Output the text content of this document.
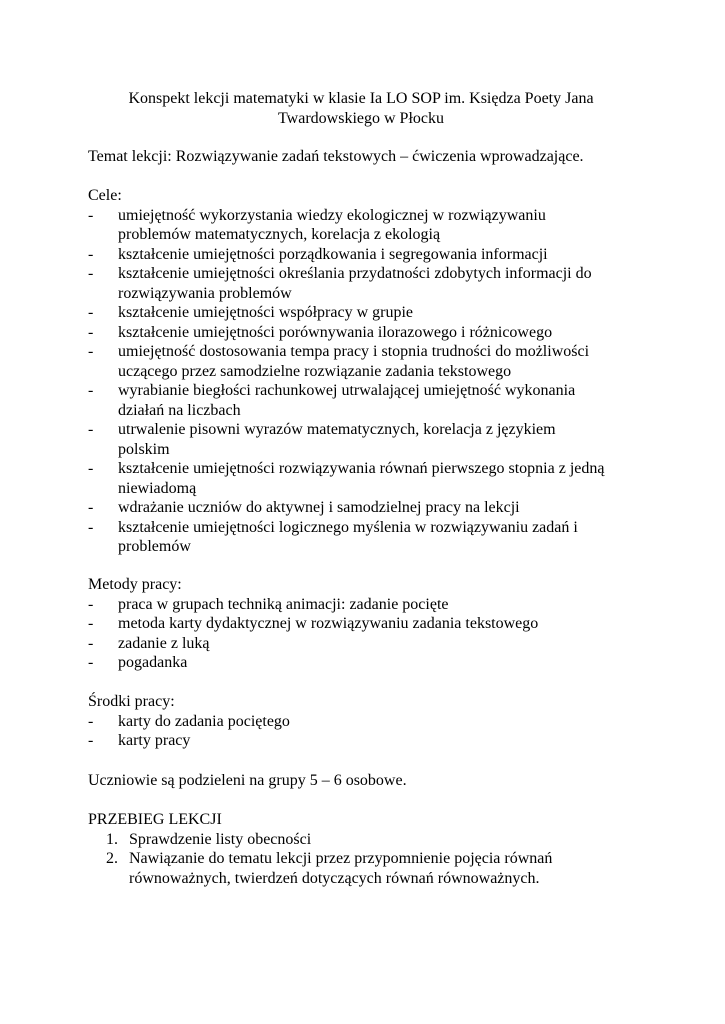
Konspekt lekcji matematyki w klasie Ia LO SOP im. Księdza Poety Jana
Twardowskiego w Płocku

Temat lekcji: Rozwiązywanie zadań tekstowych – ćwiczenia wprowadzające.

Cele:

-	umiejętność wykorzystania wiedzy ekologicznej w rozwiązywaniu
problemów matematycznych, korelacja z ekologią
-	kształcenie umiejętności porządkowania i segregowania informacji
-	kształcenie umiejętności określania przydatności zdobytych informacji do
rozwiązywania problemów
-	kształcenie umiejętności współpracy w grupie
-	kształcenie umiejętności porównywania ilorazowego i różnicowego
-	umiejętność dostosowania tempa pracy i stopnia trudności do możliwości
uczącego przez samodzielne rozwiązanie zadania tekstowego
-	wyrabianie biegłości rachunkowej utrwalającej umiejętność wykonania
działań na liczbach
-	utrwalenie pisowni wyrazów matematycznych, korelacja z językiem
polskim
-	kształcenie umiejętności rozwiązywania równań pierwszego stopnia z jedną
niewiadomą
-	wdrażanie uczniów do aktywnej i samodzielnej pracy na lekcji
-	kształcenie umiejętności logicznego myślenia w rozwiązywaniu zadań i
problemów

Metody pracy:

-	praca w grupach techniką animacji: zadanie pocięte
-	metoda karty dydaktycznej w rozwiązywaniu zadania tekstowego
-	zadanie z luką
-	pogadanka

Środki pracy:

-	karty do zadania pociętego
-	karty pracy

Uczniowie są podzieleni na grupy 5 – 6 osobowe.

PRZEBIEG LEKCJI

1. Sprawdzenie listy obecności
2. Nawiązanie do tematu lekcji przez przypomnienie pojęcia równań
równoważnych, twierdzeń dotyczących równań równoważnych.
